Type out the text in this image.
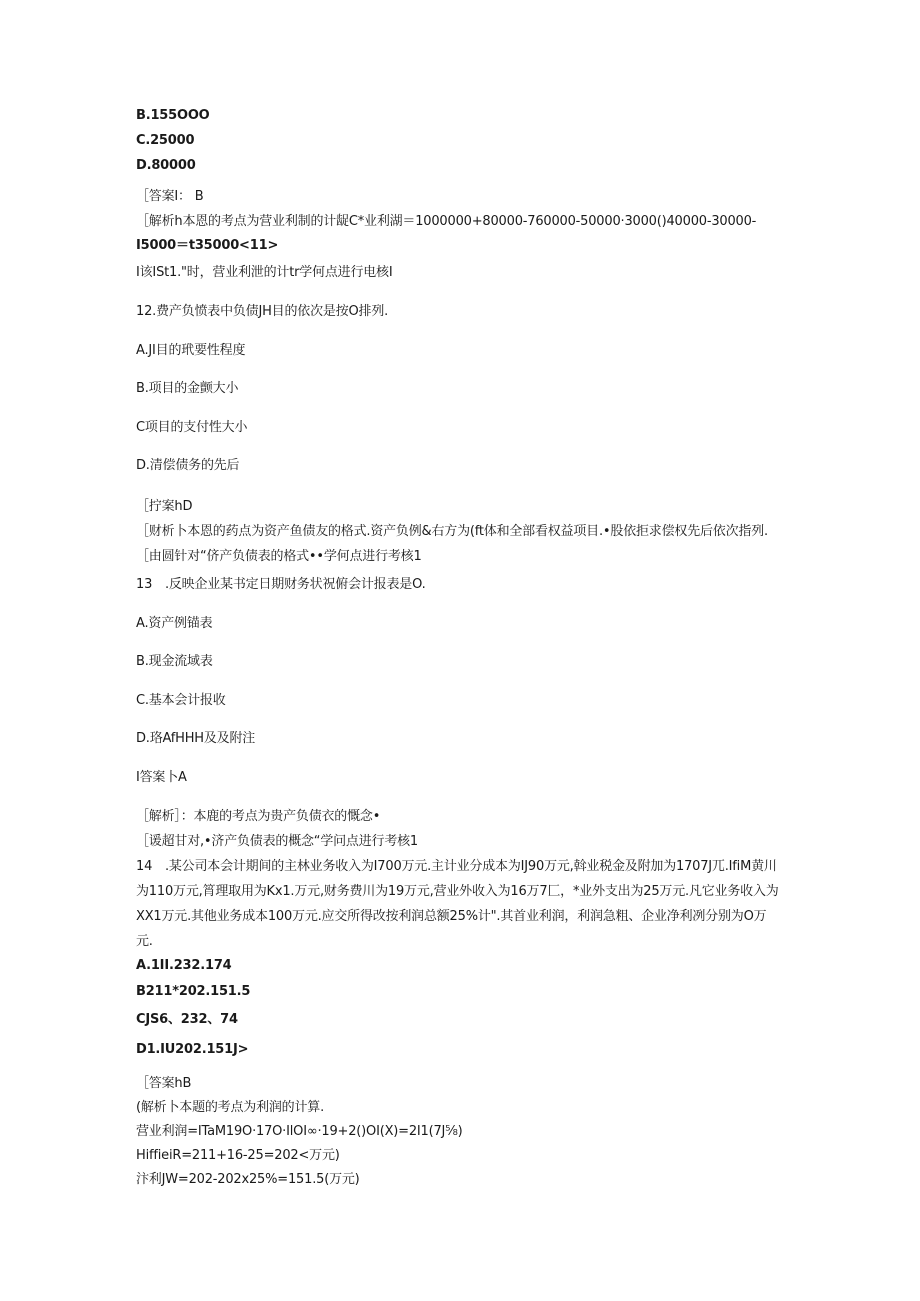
B.155OOO
C.25000
D.80000
［答案I： B
［解析h本恩的考点为营业利制的计龊C*业利湖＝1000000+80000-760000-50000·3000()40000-30000-
I5000＝t35000<11>
I该ISt1."时，营业利泄的计tr学何点进行电核I
12.费产负愤表中负债JH目的依次是按O排列.
A.JI目的玳要性程度
B.项目的金颤大小
C项目的支付性大小
D.清偿债务的先后
［拧案hD
［财析卜本恩的药点为资产鱼债友的格式.资产负例&右方为(ft体和全部看权益项目.•股依拒求偿权先后依次指列.
［由圆针对“侪产负债表的格式••学何点进行考核1
13　.反映企业某书定日期财务状祝俯会计报表是O.
A.资产例锚表
B.现金流域表
C.基本会计报收
D.珞AfHHH及及附注
I答案卜A
［解析］：本鹿的考点为贵产负债衣的慨念•
［谖超甘对,•济产负债表的概念“学问点进行考核1
14　.某公司本会计期间的主林业务收入为I700万元.主计业分成本为IJ90万元,斡业税金及附加为1707J兀.IfiM黄川
为110万元,筲理取用为Kx1.万元,财务费川为19万元,营业外收入为16万7匚，*业外支出为25万元.凡它业务收入为
XX1万元.其他业务成本100万元.应交所得改按利润总额25%计".其首业利润，利润急粗、企业净利冽分别为O万
元.
A.1II.232.174
B211*202.151.5
CJS6、232、74
D1.IU202.151J>
［答案hB
(解析卜本题的考点为利润的计算.
营业利润=ITaM19O·17O·IlOI∞·19+2()OI(X)=2I1(7J⅝)
HiffieiR=211+16-25=202<万元)
汴利JW=202-202x25%=151.5(万元)
